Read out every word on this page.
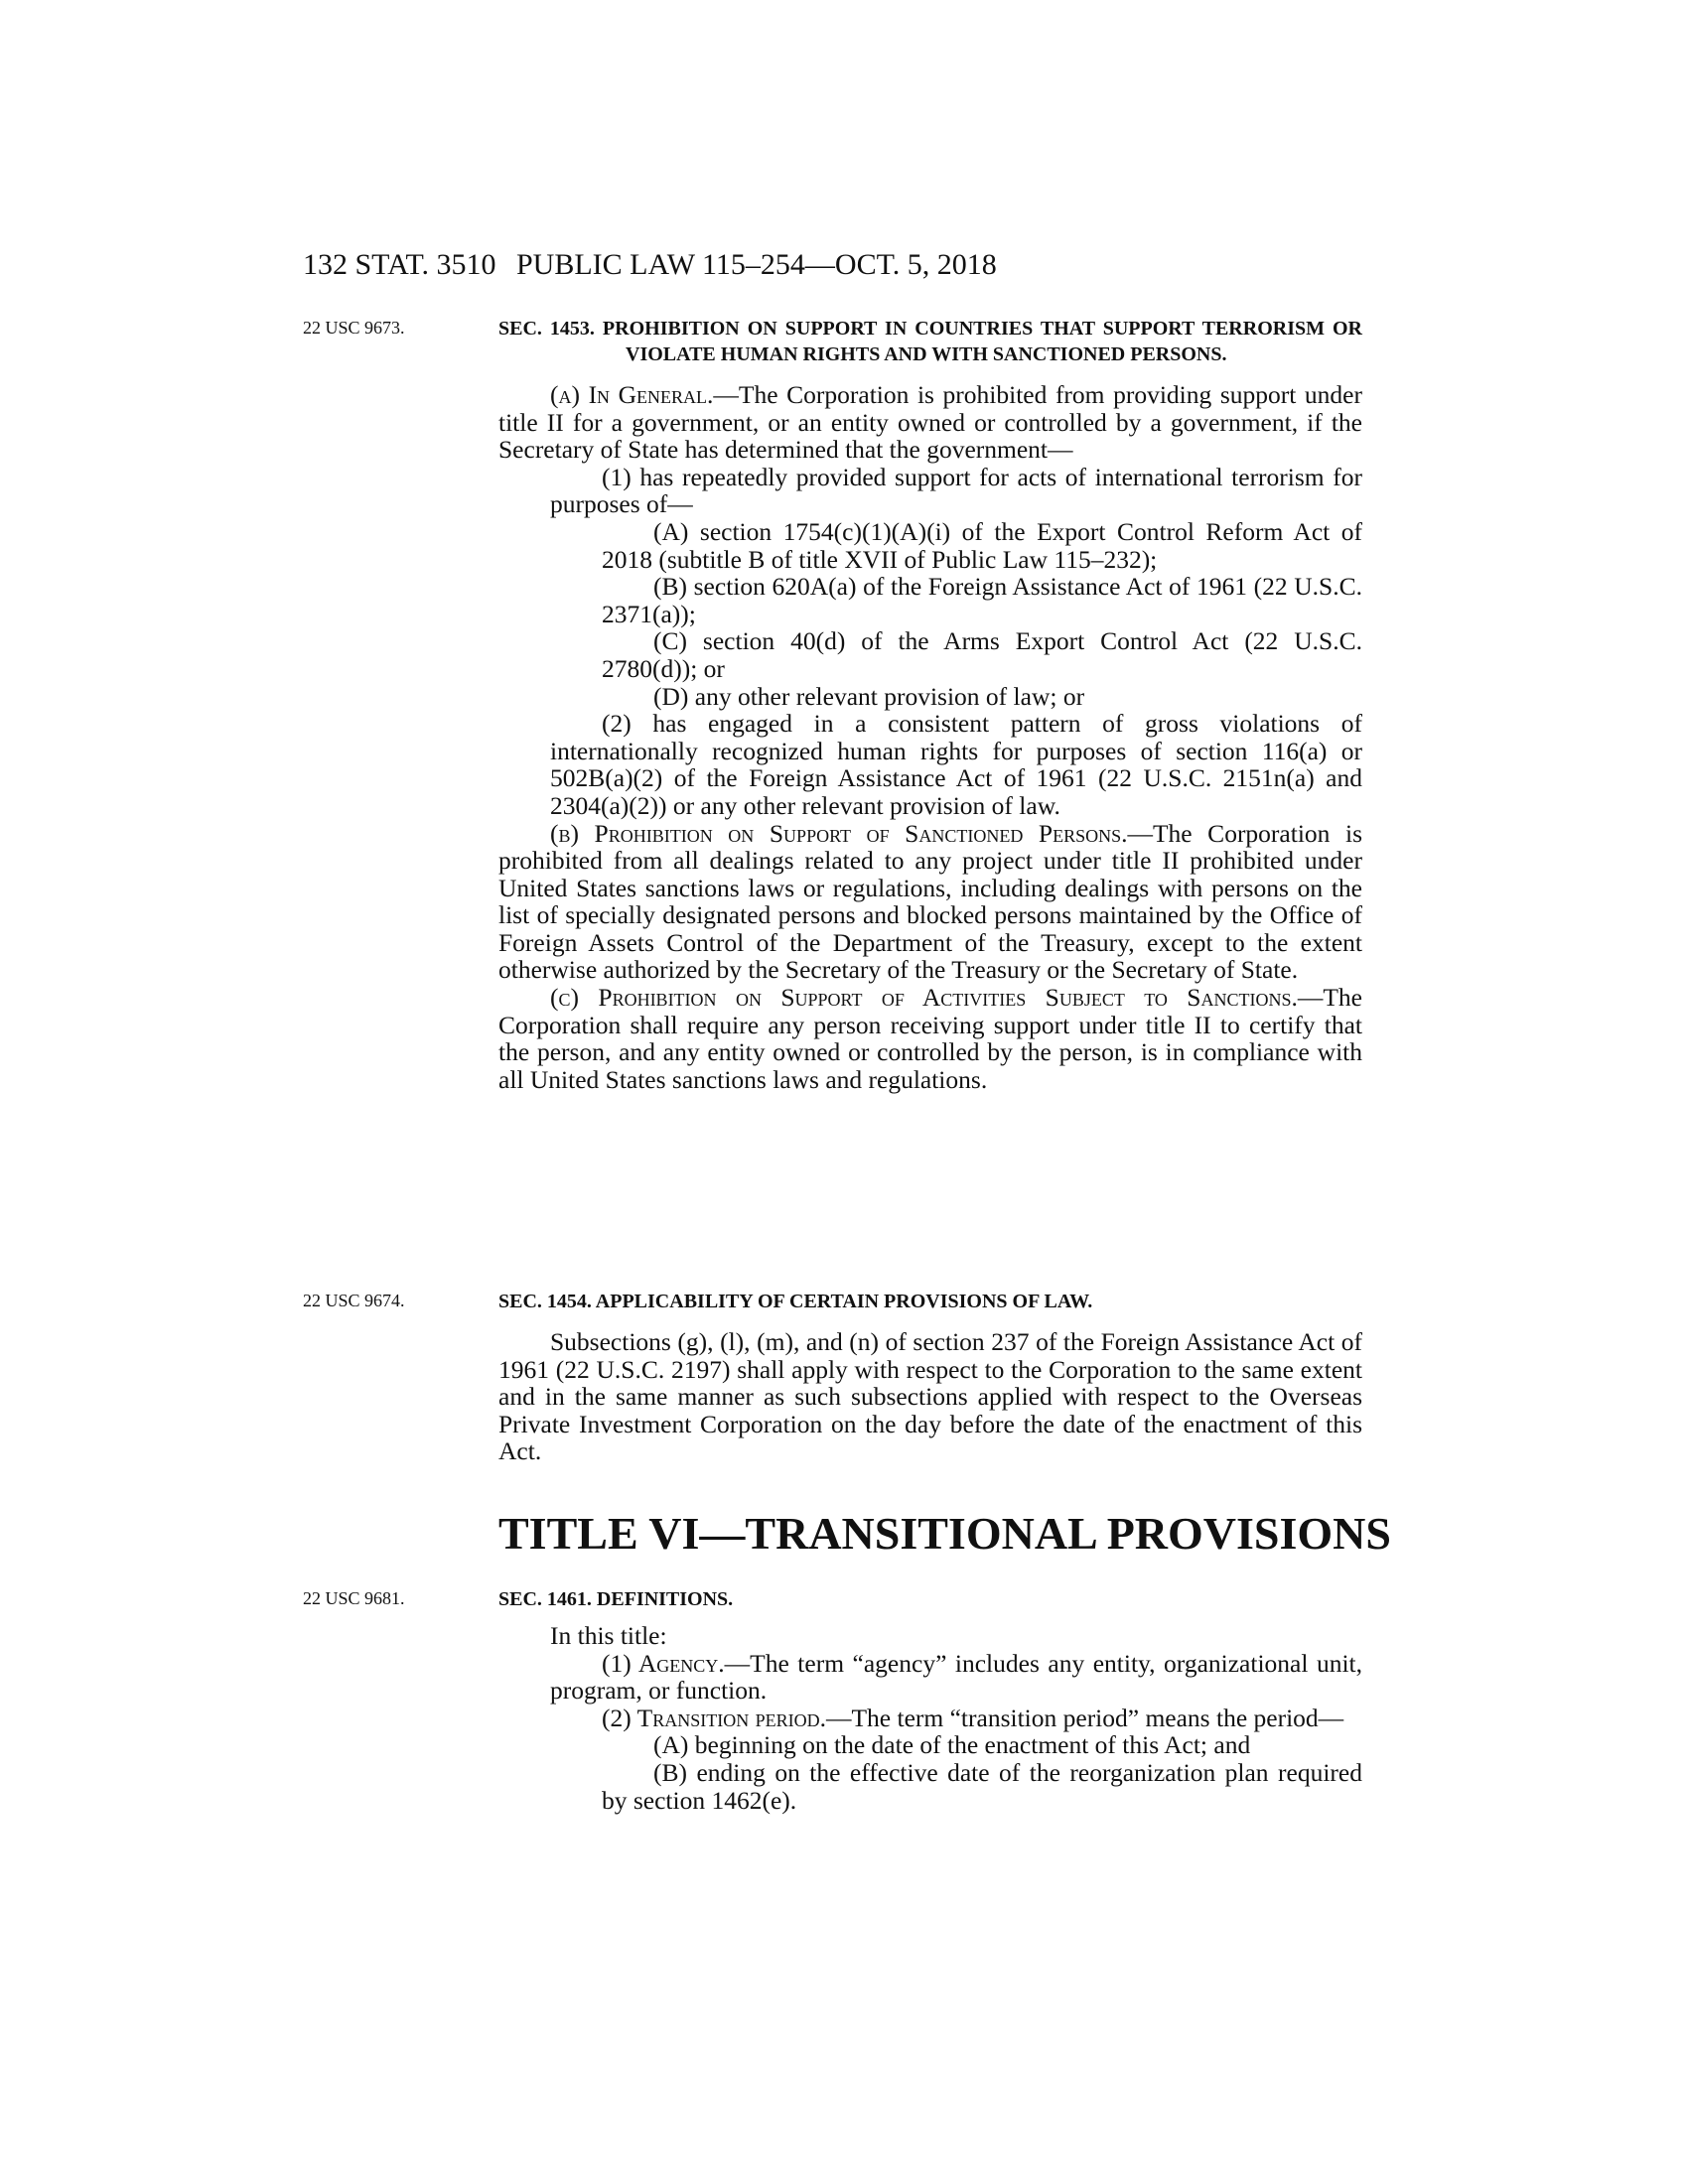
132 STAT. 3510 PUBLIC LAW 115–254—OCT. 5, 2018
22 USC 9673.
22 USC 9674.
22 USC 9681.
SEC. 1453. PROHIBITION ON SUPPORT IN COUNTRIES THAT SUPPORT TERRORISM OR VIOLATE HUMAN RIGHTS AND WITH SANCTIONED PERSONS.

(a) In General.—The Corporation is prohibited from providing support under title II for a government, or an entity owned or controlled by a government, if the Secretary of State has determined that the government—

(1) has repeatedly provided support for acts of international terrorism for purposes of—

(A) section 1754(c)(1)(A)(i) of the Export Control Reform Act of 2018 (subtitle B of title XVII of Public Law 115–232);

(B) section 620A(a) of the Foreign Assistance Act of 1961 (22 U.S.C. 2371(a));

(C) section 40(d) of the Arms Export Control Act (22 U.S.C. 2780(d)); or

(D) any other relevant provision of law; or

(2) has engaged in a consistent pattern of gross violations of internationally recognized human rights for purposes of section 116(a) or 502B(a)(2) of the Foreign Assistance Act of 1961 (22 U.S.C. 2151n(a) and 2304(a)(2)) or any other relevant provision of law.

(b) Prohibition on Support of Sanctioned Persons.—The Corporation is prohibited from all dealings related to any project under title II prohibited under United States sanctions laws or regulations, including dealings with persons on the list of specially designated persons and blocked persons maintained by the Office of Foreign Assets Control of the Department of the Treasury, except to the extent otherwise authorized by the Secretary of the Treasury or the Secretary of State.

(c) Prohibition on Support of Activities Subject to Sanctions.—The Corporation shall require any person receiving support under title II to certify that the person, and any entity owned or controlled by the person, is in compliance with all United States sanctions laws and regulations.

SEC. 1454. APPLICABILITY OF CERTAIN PROVISIONS OF LAW.

Subsections (g), (l), (m), and (n) of section 237 of the Foreign Assistance Act of 1961 (22 U.S.C. 2197) shall apply with respect to the Corporation to the same extent and in the same manner as such subsections applied with respect to the Overseas Private Investment Corporation on the day before the date of the enactment of this Act.

TITLE VI—TRANSITIONAL PROVISIONS
SEC. 1461. DEFINITIONS.

In this title:

(1) Agency.—The term “agency” includes any entity, organizational unit, program, or function.

(2) Transition period.—The term “transition period” means the period—

(A) beginning on the date of the enactment of this Act; and

(B) ending on the effective date of the reorganization plan required by section 1462(e).
